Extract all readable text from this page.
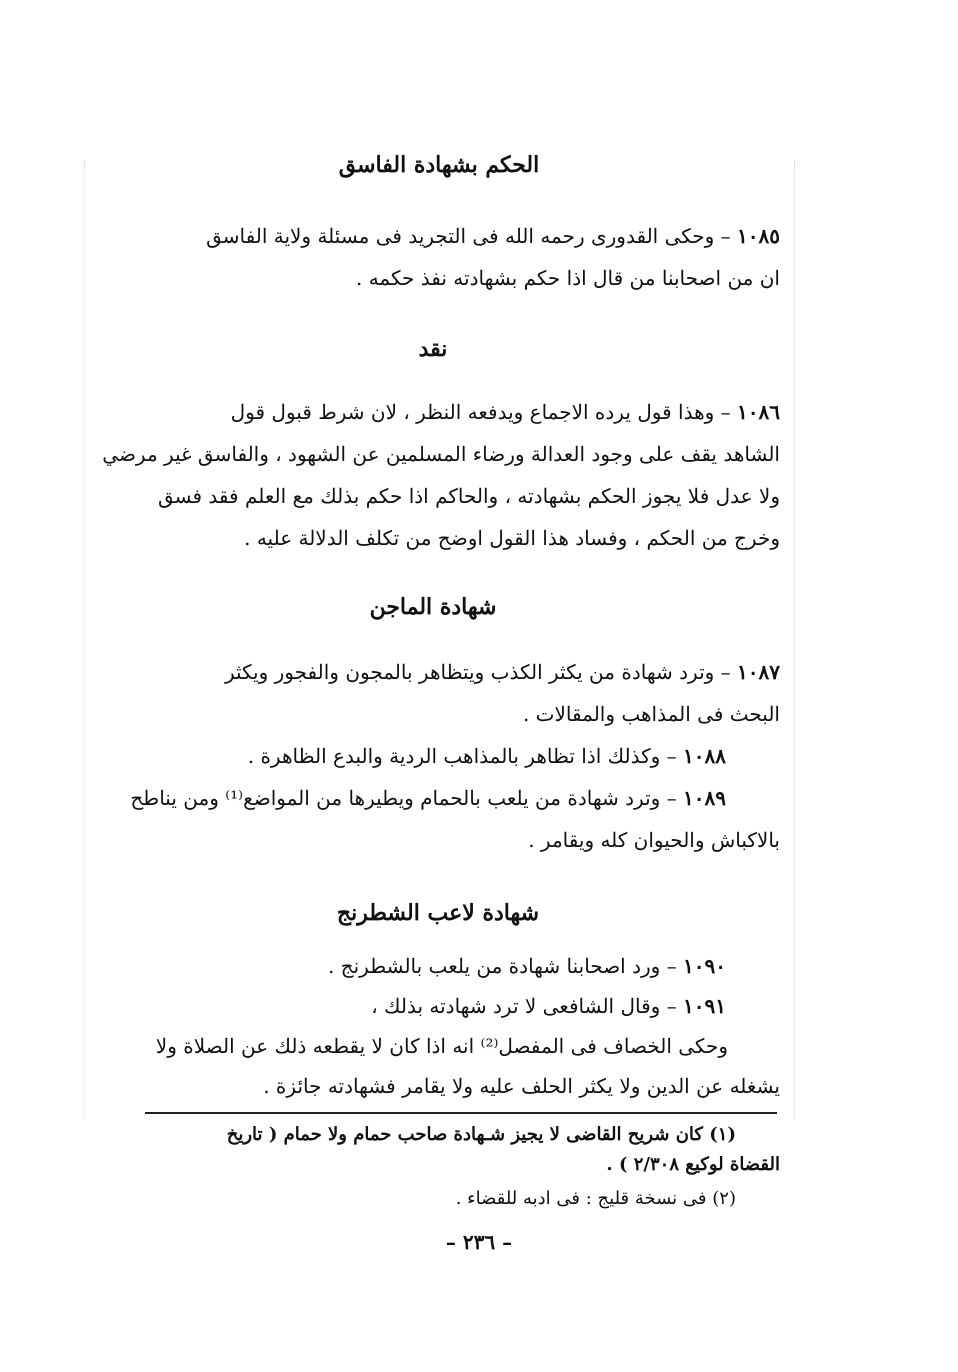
الحكم بشهادة الفاسق
١٠٨٥ – وحكى القدورى رحمه الله فى التجريد فى مسئلة ولاية الفاسق
ان من اصحابنا من قال اذا حكم بشهادته نفذ حكمه .
نقد
١٠٨٦ – وهذا قول يرده الاجماع ويدفعه النظر ، لان شرط قبول قول
الشاهد يقف على وجود العدالة ورضاء المسلمين عن الشهود ، والفاسق غير مرضي
ولا عدل فلا يجوز الحكم بشهادته ، والحاكم اذا حكم بذلك مع العلم فقد فسق
وخرج من الحكم ، وفساد هذا القول اوضح من تكلف الدلالة عليه .
شهادة الماجن
١٠٨٧ – وترد شهادة من يكثر الكذب ويتظاهر بالمجون والفجور ويكثر
البحث فى المذاهب والمقالات .
١٠٨٨ – وكذلك اذا تظاهر بالمذاهب الردية والبدع الظاهرة .
١٠٨٩ – وترد شهادة من يلعب بالحمام ويطيرها من المواضع⁽¹⁾ ومن يناطح
بالاكباش والحيوان كله ويقامر .
شهادة لاعب الشطرنج
١٠٩٠ – ورد اصحابنا شهادة من يلعب بالشطرنج .
١٠٩١ – وقال الشافعى لا ترد شهادته بذلك ،
وحكى الخصاف فى المفصل⁽²⁾ انه اذا كان لا يقطعه ذلك عن الصلاة ولا
يشغله عن الدين ولا يكثر الحلف عليه ولا يقامر فشهادته جائزة .
(١) كان شريح القاضى لا يجيز شـهادة صاحب حمام ولا حمام ( تاريخ
القضاة لوكيع ٢/٣٠٨ ) .
(٢) فى نسخة قليج : فى ادبه للقضاء .
– ٢٣٦ –
